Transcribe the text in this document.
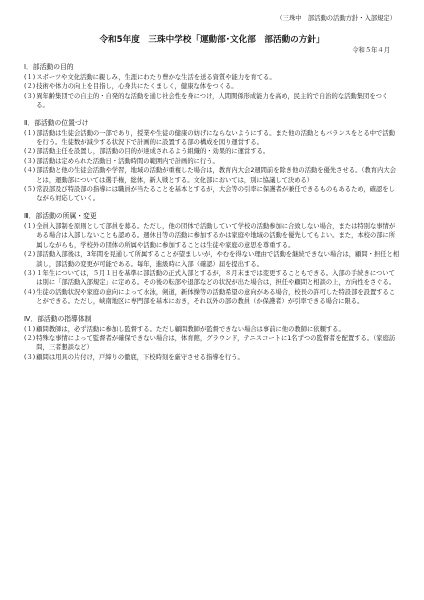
（三珠中　部活動の活動方針・入部規定）
令和5年度　三珠中学校「運動部･文化部　部活動の方針」
令和５年４月
Ⅰ．部活動の目的
(１) スポーツや文化活動に親しみ，生涯にわたり豊かな生活を送る資質や能力を育てる。
(２) 技術や体力の向上を目指し，心身共にたくましく，健康な体をつくる。
(３) 異年齢集団での自主的・自発的な活動を通じ社会性を身につけ，人間関係形成能力を高め，民主的で自治的な活動集団をつくる。
Ⅱ．部活動の位置づけ
(１) 部活動は生徒会活動の一部であり，授業や生徒の健康の妨げにならないようにする。また他の活動ともバランスをとる中で活動を行う。生徒数が減少する状況下で計画的に設置する部の構成を図り運営する。
(２) 部活動主任を設置し，部活動の目的が達成されるよう組織的・効果的に運営する。
(３) 部活動は定められた活動日・活動時間の範囲内で計画的に行う。
(４) 部活動と他の生徒会活動や学習，地域の活動が重複した場合は，教育内大会2週間前を除き他の活動を優先させる。（教育内大会とは，運動部については選手権，総体，新人戦とする。文化部においては，別に協議して決める）
(５) 常設部及び特設部の指導には職員が当たることを基本とするが，大会等の引率に保護者が兼任できるものもあるため，確認をしながら対応していく。
Ⅲ．部活動の所属・変更
(１) 全員入部制を原則として部員を募る。ただし，他の団体で活動していて学校の活動参加に合致しない場合，または特別な事情がある場合は入部しないことも認める。週休日等の活動に参加するかは家庭や地域の活動を優先してもよい。また，本校の部に所属しながらも，学校外の団体の所属や活動に参加することは生徒や家庭の意思を尊重する。
(２) 部活動入部後は，3年間を見通して所属することが望ましいが，やむを得ない理由で活動を継続できない場合は，顧問・担任と相談し，部活動の変更が可能である。毎年，進級時に入部（確認）届を提出する。
(３) １年生については，５月１日を基準に部活動の正式入部とするが，８月末までは変更することもできる。入部の手続きについては別に「部活動入部規定」に定める。その後の転部や退部などの状況が出た場合は，担任や顧問と相談の上，方向性をさぐる。
(４) 生徒の活動状況や家庭の意向によって水泳，剣道，新体操等の活動希望の意向がある場合，校長の許可した特設部を設置することができる。ただし，峡南地区に専門部を基本におき，それ以外の部の教員（か保護者）が引率できる場合に限る。
Ⅳ．部活動の指導体制
(１) 顧問教師は，必ず活動に参加し監督する。ただし顧問教師が監督できない場合は事前に他の教師に依頼する。
(２) 特殊な事情によって監督者が確保できない場合は，体育館，グラウンド，テニスコートに1名ずつの監督者を配置する。（家庭訪問，三者懇談など）
(３) 顧問は用具の片付け，戸締りの徹底，下校時刻を厳守させる指導を行う。
